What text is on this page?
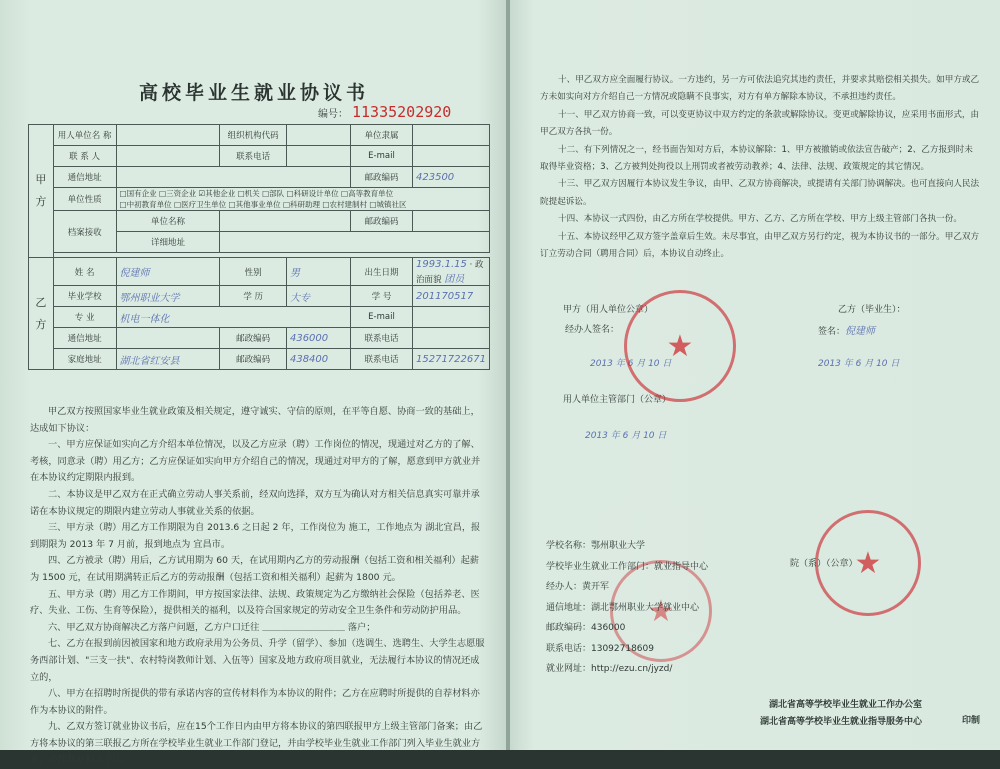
高校毕业生就业协议书
编号： 11335202920
甲方	用人单位名 称		组织机构代码		单位隶属	
	联 系 人		联系电话		E-mail	
	通信地址				邮政编码	423500
	单位性质	□国有企业 □三资企业 ☑其他企业 □机关 □部队 □科研设计单位 □高等教育单位
□中初教育单位 □医疗卫生单位 □其他事业单位 □科研助理 □农村建制村 □城镇社区				

	档案接收	单位名称			邮政编码	
		详细地址				

乙方	姓 名	倪建师	性别	男	出生日期	1993.1.15 · 政治面貌 团员
	毕业学校	鄂州职业大学	学 历	大专	学 号	201170517
	专 业	机电一体化			E-mail	
	通信地址		邮政编码	436000	联系电话	
	家庭地址	湖北省红安县	邮政编码	438400	联系电话	15271722671

甲乙双方按照国家毕业生就业政策及相关规定，遵守诚实、守信的原则，在平等自愿、协商一致的基础上，达成如下协议：

一、甲方应保证如实向乙方介绍本单位情况，以及乙方应录（聘）工作岗位的情况，现通过对乙方的了解、考核，同意录（聘）用乙方；乙方应保证如实向甲方介绍自己的情况，现通过对甲方的了解，愿意到甲方就业并在本协议约定期限内报到。

二、本协议是甲乙双方在正式确立劳动人事关系前，经双向选择，双方互为确认对方相关信息真实可靠并承诺在本协议规定的期限内建立劳动人事就业关系的依据。

三、甲方录（聘）用乙方工作期限为自 2013.6 之日起 2 年，工作岗位为 施工，工作地点为 湖北宜昌，报到期限为 2013 年 7 月前，报到地点为 宜昌市。

四、乙方被录（聘）用后，乙方试用期为 60 天，在试用期内乙方的劳动报酬（包括工资和相关福利）起薪为 1500 元，在试用期满转正后乙方的劳动报酬（包括工资和相关福利）起薪为 1800 元。

五、甲方录（聘）用乙方工作期间，甲方按国家法律、法规、政策规定为乙方缴纳社会保险（包括养老、医疗、失业、工伤、生育等保险），提供相关的福利，以及符合国家规定的劳动安全卫生条件和劳动防护用品。

六、甲乙双方协商解决乙方落户问题，乙方户口迁往 ＿＿＿＿＿＿＿＿＿ 落户；

七、乙方在报到前因被国家和地方政府录用为公务员、升学（留学）、参加（选调生、选聘生、大学生志愿服务西部计划、"三支一扶"、农村特岗教师计划、入伍等）国家及地方政府项目就业，无法履行本协议的情况还成立的，

八、甲方在招聘时所提供的带有承诺内容的宣传材料作为本协议的附件；乙方在应聘时所提供的自荐材料亦作为本协议的附件。

九、乙双方签订就业协议书后，应在15个工作日内由甲方将本协议的第四联报甲方上级主管部门备案；由乙方将本协议的第三联报乙方所在学校毕业生就业工作部门登记，并由学校毕业生就业工作部门列入毕业生就业方案，办理就业相关手续。

十、甲乙双方应全面履行协议。一方违约，另一方可依法追究其违约责任，并要求其赔偿相关损失。如甲方或乙方未如实向对方介绍自己一方情况或隐瞒不良事实，对方有单方解除本协议，不承担违约责任。

十一、甲乙双方协商一致，可以变更协议中双方约定的条款或解除协议。变更或解除协议，应采用书面形式，由甲乙双方各执一份。

十二、有下列情况之一，经书面告知对方后，本协议解除：1、甲方被撤销或依法宣告破产；2、乙方报到时未取得毕业资格；3、乙方被判处拘役以上刑罚或者被劳动教养；4、法律、法规、政策规定的其它情况。

十三、甲乙双方因履行本协议发生争议，由甲、乙双方协商解决，或提请有关部门协调解决。也可直接向人民法院提起诉讼。

十四、本协议一式四份，由乙方所在学校提供。甲方、乙方、乙方所在学校、甲方上级主管部门各执一份。

十五、本协议经甲乙双方签字盖章后生效。未尽事宜，由甲乙双方另行约定，视为本协议书的一部分。甲乙双方订立劳动合同（聘用合同）后，本协议自动终止。

甲方（用人单位公章）
经办人签名：
乙方（毕业生）：
签名：倪建师
2013 年 6 月 10 日	2013 年 6 月 10 日
用人单位主管部门（公章）
2013 年 6 月 10 日
★
★
★
学校名称：鄂州职业大学
学校毕业生就业工作部门：就业指导中心
经办人：黄开军
通信地址：湖北鄂州职业大学就业中心
邮政编码：436000
联系电话：13092718609
就业网址：http://ezu.cn/jyzd/
院（系）（公章）
湖北省高等学校毕业生就业工作办公室
湖北省高等学校毕业生就业指导服务中心	印制
